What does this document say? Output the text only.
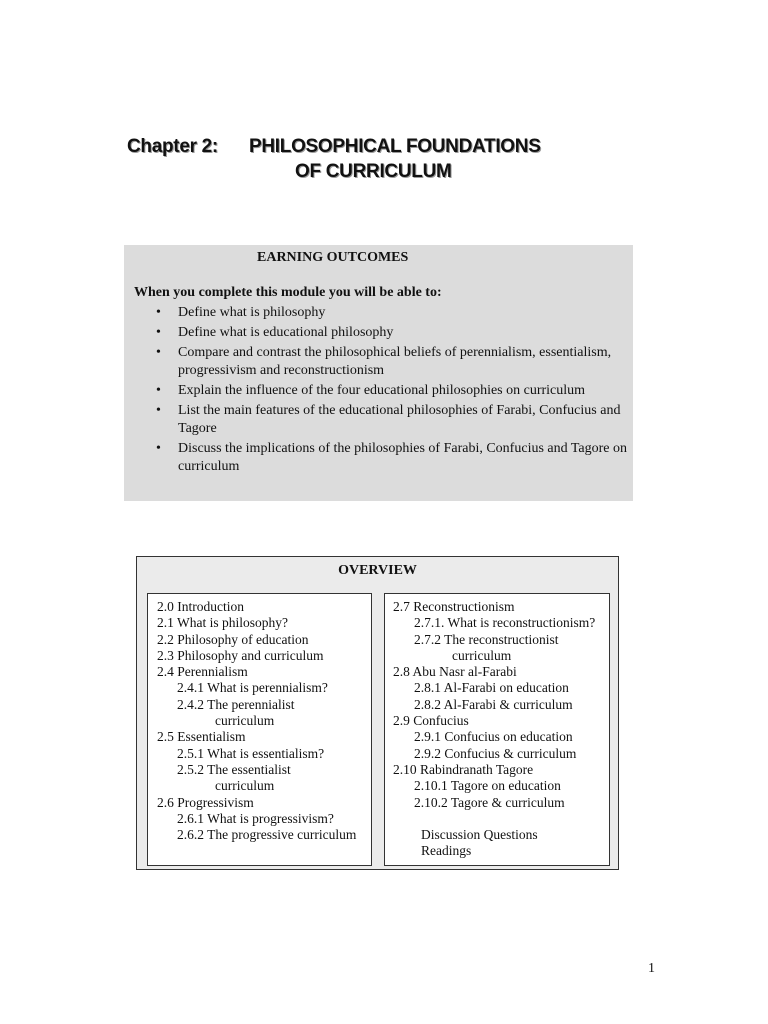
Chapter 2: PHILOSOPHICAL FOUNDATIONS
OF CURRICULUM
EARNING OUTCOMES
When you complete this module you will be able to:
• Define what is philosophy
• Define what is educational philosophy
• Compare and contrast the philosophical beliefs of perennialism, essentialism, progressivism and reconstructionism
• Explain the influence of the four educational philosophies on curriculum
• List the main features of the educational philosophies of Farabi, Confucius and Tagore
• Discuss the implications of the philosophies of Farabi, Confucius and Tagore on curriculum
OVERVIEW
2.0 Introduction
2.1 What is philosophy?
2.2 Philosophy of education
2.3 Philosophy and curriculum
2.4 Perennialism
2.4.1 What is perennialism?
2.4.2 The perennialist
curriculum
2.5 Essentialism
2.5.1 What is essentialism?
2.5.2 The essentialist
curriculum
2.6 Progressivism
2.6.1 What is progressivism?
2.6.2 The progressive curriculum
2.7 Reconstructionism
2.7.1. What is reconstructionism?
2.7.2 The reconstructionist
curriculum
2.8 Abu Nasr al-Farabi
2.8.1 Al-Farabi on education
2.8.2 Al-Farabi & curriculum
2.9 Confucius
2.9.1 Confucius on education
2.9.2 Confucius & curriculum
2.10 Rabindranath Tagore
2.10.1 Tagore on education
2.10.2 Tagore & curriculum
Discussion Questions
Readings
1
